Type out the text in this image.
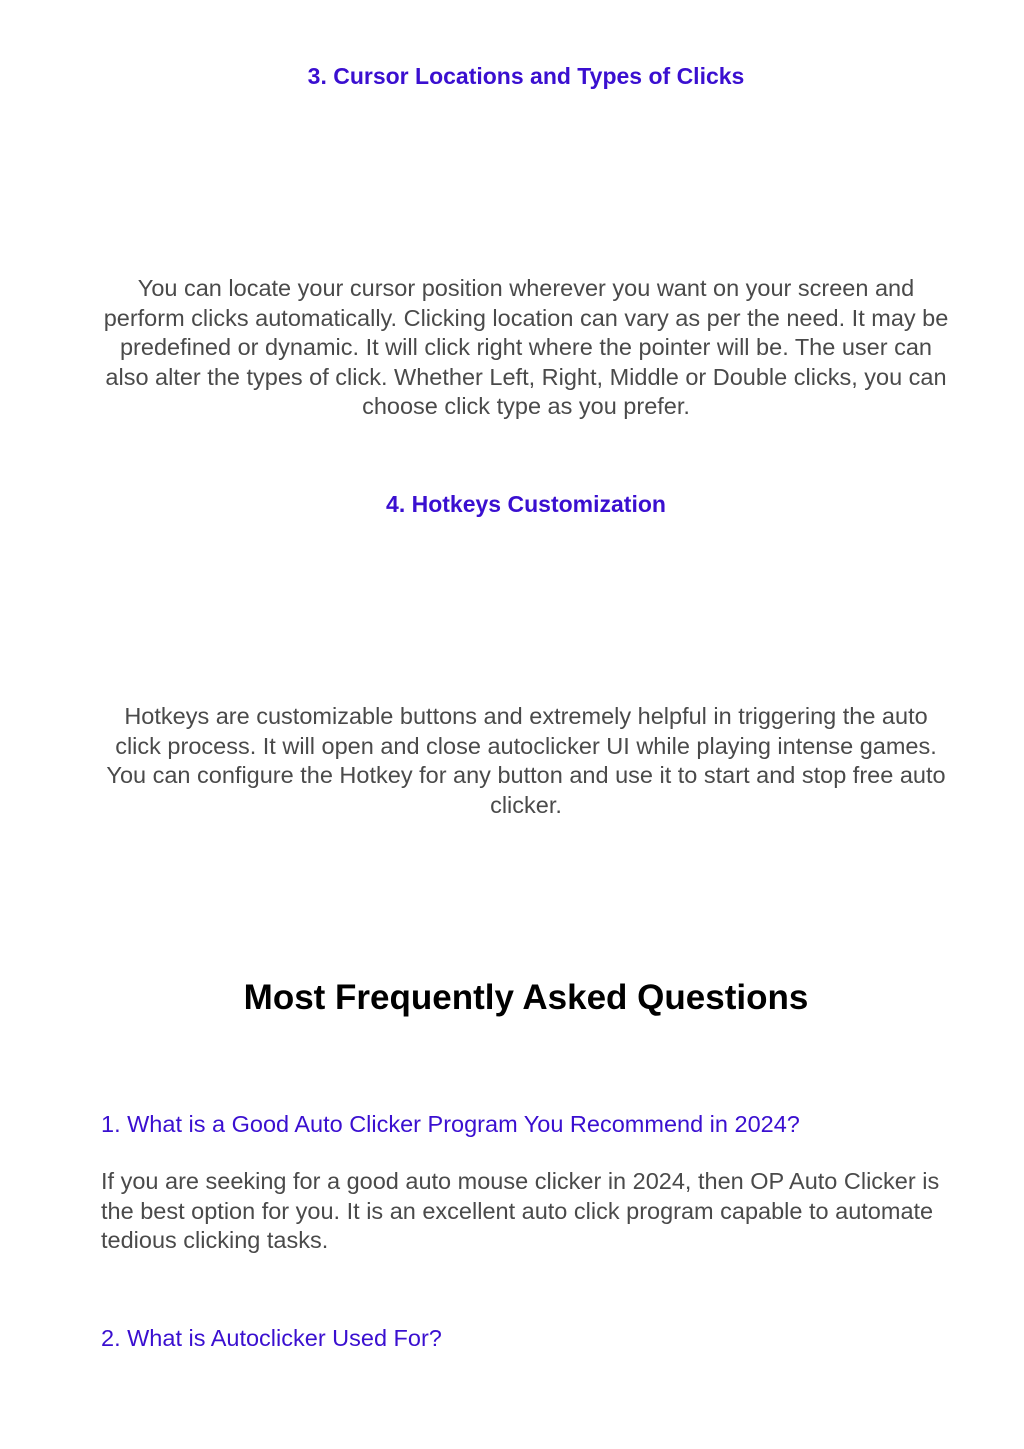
3. Cursor Locations and Types of Clicks

You can locate your cursor position wherever you want on your screen and perform clicks automatically. Clicking location can vary as per the need. It may be predefined or dynamic. It will click right where the pointer will be. The user can also alter the types of click. Whether Left, Right, Middle or Double clicks, you can choose click type as you prefer.

4. Hotkeys Customization

Hotkeys are customizable buttons and extremely helpful in triggering the auto click process. It will open and close autoclicker UI while playing intense games. You can configure the Hotkey for any button and use it to start and stop free auto clicker.

Most Frequently Asked Questions
1. What is a Good Auto Clicker Program You Recommend in 2024?

If you are seeking for a good auto mouse clicker in 2024, then OP Auto Clicker is the best option for you. It is an excellent auto click program capable to automate tedious clicking tasks.

2. What is Autoclicker Used For?
